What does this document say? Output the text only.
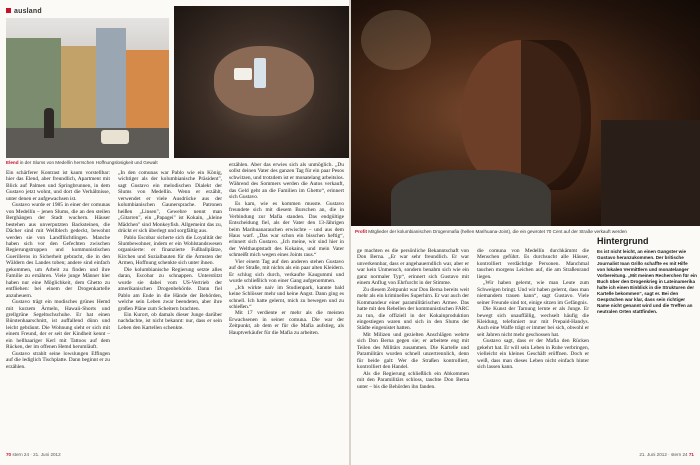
ausland
Elend in der Slums von Medellín herrschen Hoffnungslosigkeit und Gewalt

Ein schärferer Kontrast ist kaum vorstellbar: hier das Elend, aber freundlich, Apartment mit Blick auf Palmen und Springbrunnen, in dem Gustavo jetzt wohnt, und dort die Verhältnisse, unter denen er aufgewachsen ist.

Gustavo wurde er 1985 in einer der comunas von Medellín – jenen Slums, die an den steilen Berghängen der Stadt wuchern. Häuser bestehen aus unverputzten Backsteinen, die Dächer sind mit Wellblech gedeckt, bewohnt werden sie von Landflüchtlingen. Manche haben sich vor den Gefechten zwischen Regierungstruppen und kommunistischen Guerilleros in Sicherheit gebracht, die in den Wäldern des Landes toben; andere sind einfach gekommen, um Arbeit zu finden und ihre Familie zu ernähren. Viele junge Männer hier haben nur eine Möglichkeit, dem Ghetto zu entfliehen: bei einem der Drogenkartelle anzuheuern.

Gustavo trägt ein modisches grünes Hemd mit kurzem Ärmeln, Hawaii-Shorts und grellgrüne Segeltuchschuhe. Er hat einen Bürstenhaarschnitt, ist auffallend dünn und leicht gebräunt. Die Wohnung sieht er sich mit einem Freund, der er seit der Kindheit kennt – ein hellhaariger Kerl mit Tattoos auf dem Rücken, der im offenen Hemd herumläuft.

Gustavo strahlt seine lowslungen Effingen auf die lediglich Tischplatte. Dann beginnt er zu erzählen.

„In den comunas war Pablo wie ein König, wichtiger als der kolumbianische Präsident", sagt Gustavo ein melodischen Dialekt der Slums von Medellín. Wenn er erzählt, verwendet er viele Ausdrücke aus der kolumbianischen Gaunersprache. Patronen heißen „Linsen", Gewehre nennt man „Gitarren", ein „Papagei" ist Kokain, „kleine Mädchen" sind Monkeyfish. Allgemeint das zu, drückt er sich überlegt und sorgfältig aus.

Pablo Escobar sicherte sich die Loyalität der Slumbewohner, indem er ein Wohlstandswesen organisierte: er finanzierte Fußballplätze, Kirchen und Sozialbauten für die Ärmsten der Armen, Hoffnung schenkte sich unter ihnen.

Die kolumbianische Regierung setzte alles daran, Escobar zu schnappen. Unterstützt wurde sie dabei vom US-Vertrieb der amerikanischen Drogenbehörde. Dann fiel Pablo am Ende in die Hände der Behörden, welche sein Leben zwar beendeten, aber ihre großen Pläne zum Scheitern brachten.

Ein Kurort, ob damals dieser Junge darüber nachdachte, ist nicht bekannt: nur, dass er sein Leben den Kartellen schenkte.

erzählen. Aber das erwies sich als unmöglich. „Du sollst deinen Vater des ganzen Tag für ein paar Pesos schwitzen, und trotzdem ist er monatelang arbeitslos. Während des Sommers werden die Autos verkauft, das Geld geht an die Familien im Ghetto“, erinnert sich Gustavo.

Es kam, wie es kommen musste. Gustavo freundete sich mit diesem Burschen an, die in Verbindung zur Mafia standen. Das endgültige Entscheidung fiel, als der Vater den 13-Jährigen beim Marihuanarauchen erwischte – und aus dem Haus warf. „Das war schon ein bisschen heftig“, erinnert sich Gustavo. „Ich meine, wir sind hier in der Welthauptstadt des Kokains, und mein Vater schmeißt mich wegen eines Joints raus.“

Vier einem Tag auf den anderen stehen Gustavo auf der Straße, mit nichts als ein paar alten Kleidern. Er schlug sich durch, verkaufte Kaugummi und wurde schließlich von einer Gang aufgenommen.

„Ich wirkte naiv im Studienpark, kannte bald keine Schlösser mehr und keine Angst. Dann ging es schnell. Ich hatte gelernt, mich zu bewegen und zu schießen.“

Mit 17 verdiente er mehr als die meisten Erwachsenen in seiner comuna. Die war der Zeitpunkt, ab dem er für die Mafia aufstieg, als Hauptverkäufer für die Mafia zu arbeiten.

70 stern 24 · 21. Juni 2012
Profit Mitglieder der kolumbianischen Drogenmafia (hellen Marihuana-Joint), die ein gewrotet 70 Cent auf der Straße verkauft werden

ge machten es die persönliche Bekanntschaft von Don Berna. „Er war sehr freundlich. Er war unverkennbar, dass er angehauerndlich war, aber er war kein Unmensch, sondern benahm sich wie ein ganz normaler Typ“, erinnert sich Gustavo mit einem Anflug von Ehrfurcht in der Stimme.

Zu diesem Zeitpunkt war Don Berna bereits weit mehr als ein kriminelles Superhirn. Er war auch der Kommandeur einer paramilitärischen Armee. Das hatte mit den Rebellen der kommunistischen FARC zu tun, die offiziell in der Kokainproduktion eingestiegen waren und sich in den Slums der Städte eingenistet hatten.

Mit Milizen und gezielten Anschlägen wehrte sich Don Berna gegen sie; er arbeitete eng mit Teilen des Militärs zusammen. Die Kartelle und Paramilitärs wurden schnell unzertrennlich, denn für beide galt: Wer die Straßen kontrolliert, kontrolliert den Handel.

Als die Regierung schließlich ein Abkommen mit den Paramilitärs schloss, tauchte Don Berna unter – bis die Behörden ihn fanden.

die comuna von Medellín durchkämmt die Menschen geführt. Es durchsucht alle Häuser, kontrolliert verdächtige Personen. Manchmal tauchen morgens Leichen auf, die am Straßenrand liegen.

„Wir haben gelernt, wie man Leute zum Schweigen bringt. Und wir haben gelernt, dass man niemandem trauen kann“, sagt Gustavo. Viele seiner Freunde sind tot, einige sitzen im Gefängnis.

Die Kunst der Tarnung lernte er als Junge. Er bewegt sich unauffällig, wechselt häufig die Kleidung, telefoniert nur mit Prepaid-Handys. Auch eine Waffe trägt er immer bei sich, obwohl er seit Jahren nicht mehr geschossen hat.

Gustavo sagt, dass er der Mafia den Rücken gekehrt hat. Er will sein Leben in Ruhe verbringen, vielleicht ein kleines Geschäft eröffnen. Doch er weiß, dass man dieses Leben nicht einfach hinter sich lassen kann.

Hintergrund

Es ist nicht leicht, an einen Gangster wie Gustavo heranzukommen. Der britische Journalist Ioan Grillo schaffte es mit Hilfe von lokalen Vermittlern und monatelanger Vorbereitung. „Mit meinen Recherchen für ein Buch über den Drogenkrieg in Lateinamerika halte ich einen Einblick in die Strukturen der Kartelle bekommen“, sagt er. Bei den Gesprächen war klar, dass sein richtiger Name nicht genannt wird und die Treffen an neutralen Orten stattfinden.

21. Juni 2012 · stern 24 71
